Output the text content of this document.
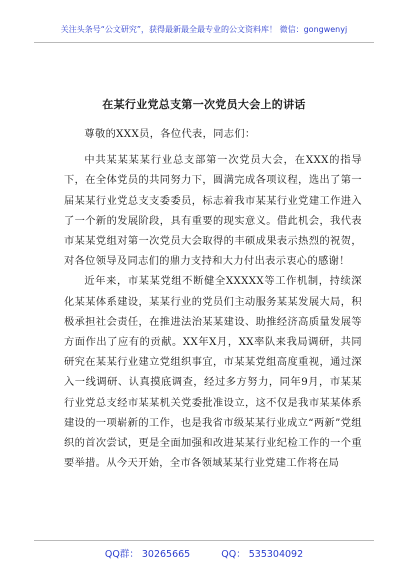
关注头条号“公文研究”，获得最新最全最专业的公文资料库！ 微信：gongwenyj
在某行业党总支第一次党员大会上的讲话

尊敬的XXX员，各位代表，同志们：

中共某某某某行业总支部第一次党员大会，在XXX的指导下，在全体党员的共同努力下，圆满完成各项议程，选出了第一届某某行业党总支支委委员，标志着我市某某行业党建工作进入了一个新的发展阶段，具有重要的现实意义。借此机会，我代表市某某党组对第一次党员大会取得的丰硕成果表示热烈的祝贺，对各位领导及同志们的鼎力支持和大力付出表示衷心的感谢！

近年来，市某某党组不断健全XXXXX等工作机制，持续深化某某体系建设，某某行业的党员们主动服务某某发展大局，积极承担社会责任，在推进法治某某建设、助推经济高质量发展等方面作出了应有的贡献。XX年X月，XX率队来我局调研，共同研究在某某行业建立党组织事宜，市某某党组高度重视，通过深入一线调研、认真摸底调查，经过多方努力，同年9月，市某某行业党总支经市某某机关党委批准设立，这不仅是我市某某体系建设的一项崭新的工作，也是我省市级某某行业成立“两新”党组织的首次尝试，更是全面加强和改进某某行业纪检工作的一个重要举措。从今天开始，全市各领域某某行业党建工作将在局

QQ群： 30265665	QQ： 535304092
